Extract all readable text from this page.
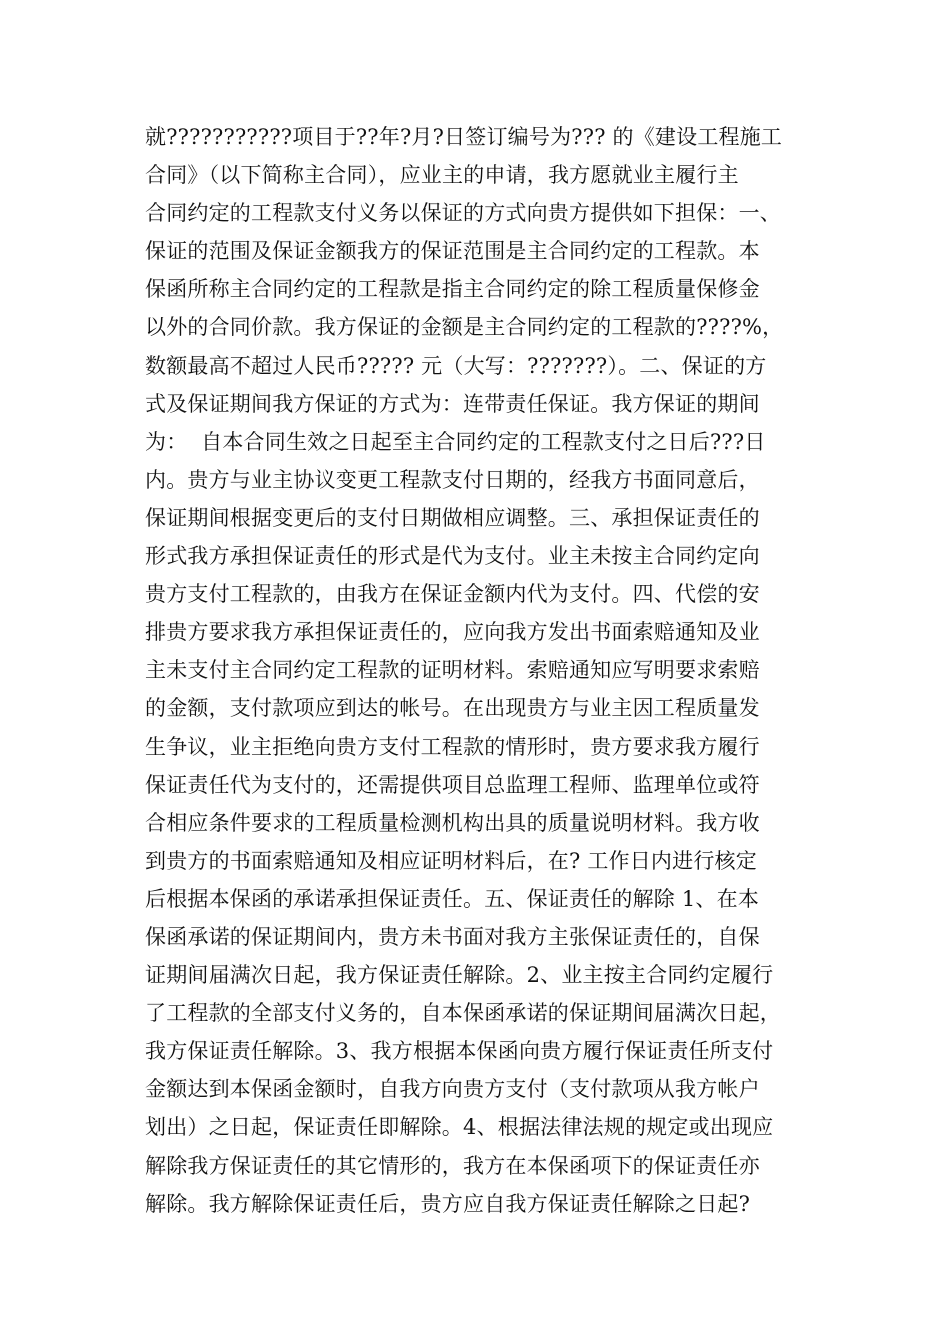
就???????????项目于??年?月?日签订编号为??? 的《建设工程施工
合同》（以下简称主合同），应业主的申请，我方愿就业主履行主
合同约定的工程款支付义务以保证的方式向贵方提供如下担保：一、
保证的范围及保证金额我方的保证范围是主合同约定的工程款。本
保函所称主合同约定的工程款是指主合同约定的除工程质量保修金
以外的合同价款。我方保证的金额是主合同约定的工程款的????%，
数额最高不超过人民币????? 元（大写：???????）。二、保证的方
式及保证期间我方保证的方式为：连带责任保证。我方保证的期间
为：  自本合同生效之日起至主合同约定的工程款支付之日后???日
内。贵方与业主协议变更工程款支付日期的，经我方书面同意后，
保证期间根据变更后的支付日期做相应调整。三、承担保证责任的
形式我方承担保证责任的形式是代为支付。业主未按主合同约定向
贵方支付工程款的，由我方在保证金额内代为支付。四、代偿的安
排贵方要求我方承担保证责任的，应向我方发出书面索赔通知及业
主未支付主合同约定工程款的证明材料。索赔通知应写明要求索赔
的金额，支付款项应到达的帐号。在出现贵方与业主因工程质量发
生争议，业主拒绝向贵方支付工程款的情形时，贵方要求我方履行
保证责任代为支付的，还需提供项目总监理工程师、监理单位或符
合相应条件要求的工程质量检测机构出具的质量说明材料。我方收
到贵方的书面索赔通知及相应证明材料后，在? 工作日内进行核定
后根据本保函的承诺承担保证责任。五、保证责任的解除 1、在本
保函承诺的保证期间内，贵方未书面对我方主张保证责任的，自保
证期间届满次日起，我方保证责任解除。2、业主按主合同约定履行
了工程款的全部支付义务的，自本保函承诺的保证期间届满次日起，
我方保证责任解除。3、我方根据本保函向贵方履行保证责任所支付
金额达到本保函金额时，自我方向贵方支付（支付款项从我方帐户
划出）之日起，保证责任即解除。4、根据法律法规的规定或出现应
解除我方保证责任的其它情形的，我方在本保函项下的保证责任亦
解除。我方解除保证责任后，贵方应自我方保证责任解除之日起?
